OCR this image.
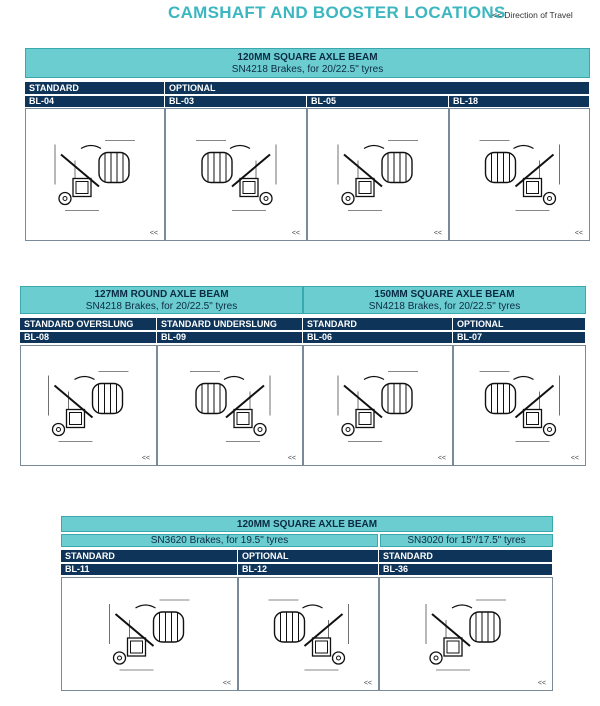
CAMSHAFT AND BOOSTER LOCATIONS
<< Direction of Travel
120MM SQUARE AXLE BEAM
SN4218 Brakes, for 20/22.5" tyres
STANDARD	OPTIONAL
BL-04	BL-03	BL-05	BL-18
<<	<<	<<	<<
127MM ROUND AXLE BEAM
SN4218 Brakes, for 20/22.5" tyres
150MM SQUARE AXLE BEAM
SN4218 Brakes, for 20/22.5" tyres
STANDARD OVERSLUNG	STANDARD UNDERSLUNG	STANDARD	OPTIONAL
BL-08	BL-09	BL-06	BL-07
<<	<<	<<	<<
120MM SQUARE AXLE BEAM
SN3620 Brakes, for 19.5" tyres	SN3020 for 15"/17.5" tyres
STANDARD	OPTIONAL	STANDARD
BL-11	BL-12	BL-36
<<	<<	<<
